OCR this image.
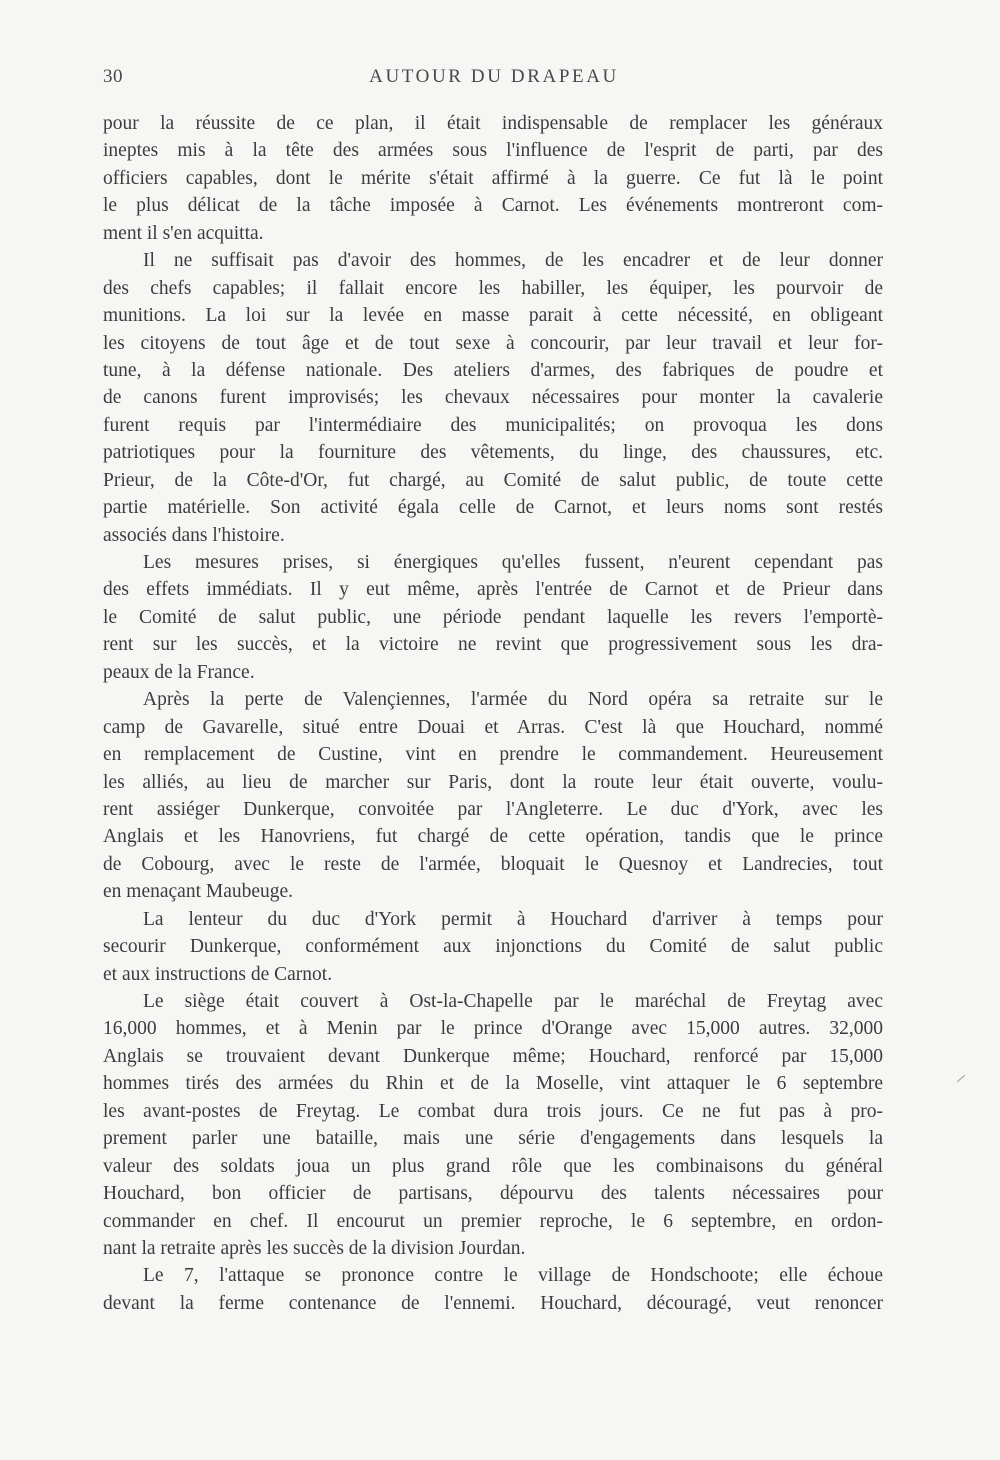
30	AUTOUR DU DRAPEAU
pour la réussite de ce plan, il était indispensable de remplacer les généraux
ineptes mis à la tête des armées sous l'influence de l'esprit de parti, par des
officiers capables, dont le mérite s'était affirmé à la guerre. Ce fut là le point
le plus délicat de la tâche imposée à Carnot. Les événements montreront com-
ment il s'en acquitta.
Il ne suffisait pas d'avoir des hommes, de les encadrer et de leur donner
des chefs capables; il fallait encore les habiller, les équiper, les pourvoir de
munitions. La loi sur la levée en masse parait à cette nécessité, en obligeant
les citoyens de tout âge et de tout sexe à concourir, par leur travail et leur for-
tune, à la défense nationale. Des ateliers d'armes, des fabriques de poudre et
de canons furent improvisés; les chevaux nécessaires pour monter la cavalerie
furent requis par l'intermédiaire des municipalités; on provoqua les dons
patriotiques pour la fourniture des vêtements, du linge, des chaussures, etc.
Prieur, de la Côte-d'Or, fut chargé, au Comité de salut public, de toute cette
partie matérielle. Son activité égala celle de Carnot, et leurs noms sont restés
associés dans l'histoire.
Les mesures prises, si énergiques qu'elles fussent, n'eurent cependant pas
des effets immédiats. Il y eut même, après l'entrée de Carnot et de Prieur dans
le Comité de salut public, une période pendant laquelle les revers l'emportè-
rent sur les succès, et la victoire ne revint que progressivement sous les dra-
peaux de la France.
Après la perte de Valençiennes, l'armée du Nord opéra sa retraite sur le
camp de Gavarelle, situé entre Douai et Arras. C'est là que Houchard, nommé
en remplacement de Custine, vint en prendre le commandement. Heureusement
les alliés, au lieu de marcher sur Paris, dont la route leur était ouverte, voulu-
rent assiéger Dunkerque, convoitée par l'Angleterre. Le duc d'York, avec les
Anglais et les Hanovriens, fut chargé de cette opération, tandis que le prince
de Cobourg, avec le reste de l'armée, bloquait le Quesnoy et Landrecies, tout
en menaçant Maubeuge.
La lenteur du duc d'York permit à Houchard d'arriver à temps pour
secourir Dunkerque, conformément aux injonctions du Comité de salut public
et aux instructions de Carnot.
Le siège était couvert à Ost-la-Chapelle par le maréchal de Freytag avec
16,000 hommes, et à Menin par le prince d'Orange avec 15,000 autres. 32,000
Anglais se trouvaient devant Dunkerque même; Houchard, renforcé par 15,000
hommes tirés des armées du Rhin et de la Moselle, vint attaquer le 6 septembre
les avant-postes de Freytag. Le combat dura trois jours. Ce ne fut pas à pro-
prement parler une bataille, mais une série d'engagements dans lesquels la
valeur des soldats joua un plus grand rôle que les combinaisons du général
Houchard, bon officier de partisans, dépourvu des talents nécessaires pour
commander en chef. Il encourut un premier reproche, le 6 septembre, en ordon-
nant la retraite après les succès de la division Jourdan.
Le 7, l'attaque se prononce contre le village de Hondschoote; elle échoue
devant la ferme contenance de l'ennemi. Houchard, découragé, veut renoncer
